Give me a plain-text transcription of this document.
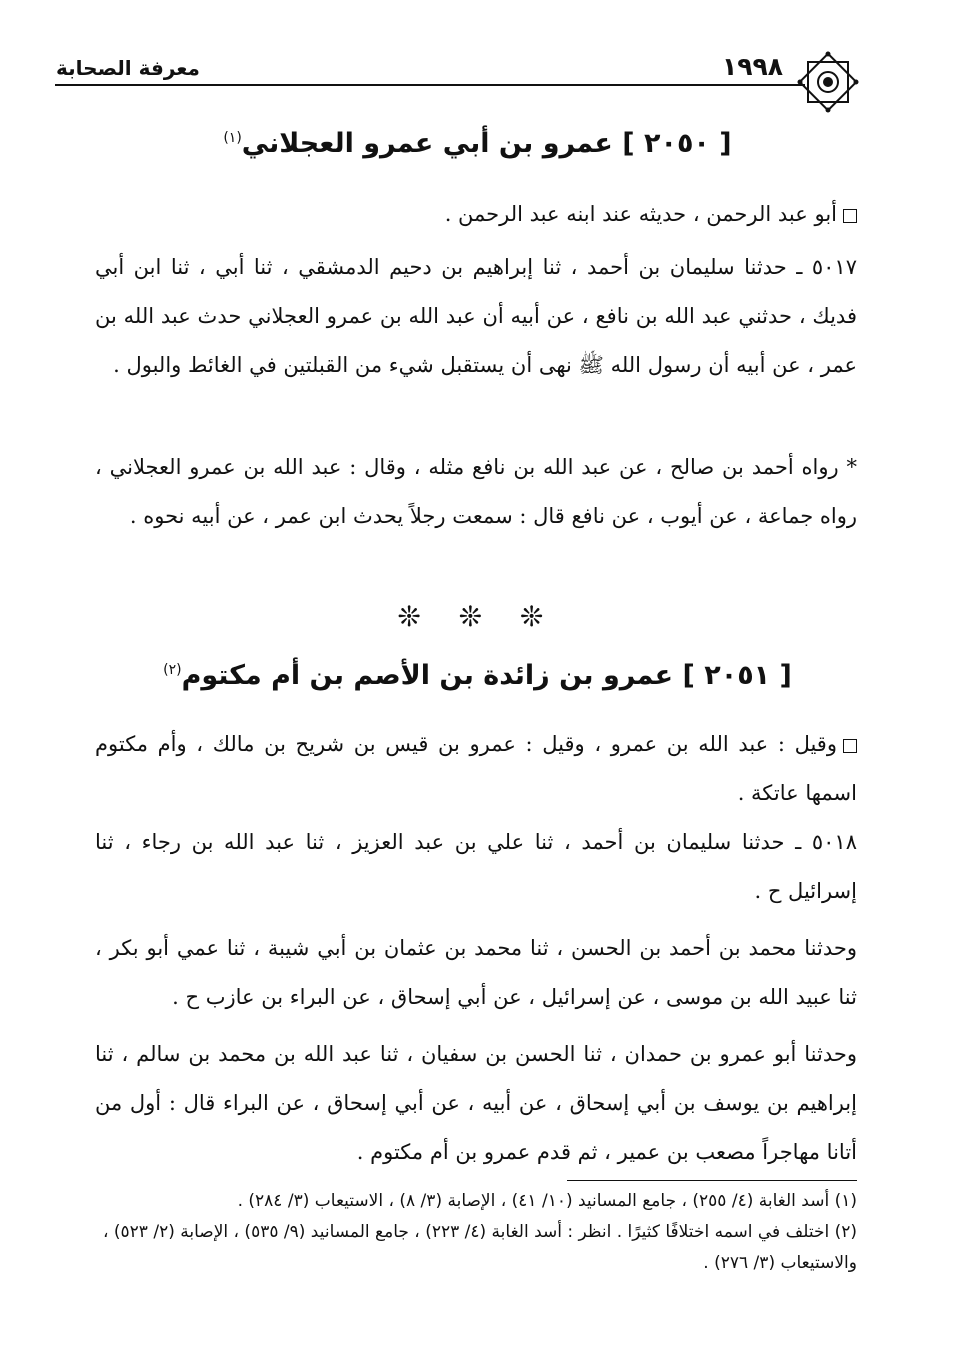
١٩٩٨
معرفة الصحابة
[ ٢٠٥٠ ] عمرو بن أبي عمرو العجلاني$^{(١)}$
أبو عبد الرحمن ، حديثه عند ابنه عبد الرحمن .
٥٠١٧ ـ حدثنا سليمان بن أحمد ، ثنا إبراهيم بن دحيم الدمشقي ، ثنا أبي ، ثنا ابن أبي فديك ، حدثني عبد الله بن نافع ، عن أبيه أن عبد الله بن عمرو العجلاني حدث عبد الله بن عمر ، عن أبيه أن رسول الله ﷺ نهى أن يستقبل شيء من القبلتين في الغائط والبول .
* رواه أحمد بن صالح ، عن عبد الله بن نافع مثله ، وقال : عبد الله بن عمرو العجلاني ، رواه جماعة ، عن أيوب ، عن نافع قال : سمعت رجلاً يحدث ابن عمر ، عن أبيه نحوه .
❊ ❊ ❊
[ ٢٠٥١ ] عمرو بن زائدة بن الأصم بن أم مكتوم$^{(٢)}$
وقيل : عبد الله بن عمرو ، وقيل : عمرو بن قيس بن شريح بن مالك ، وأم مكتوم اسمها عاتكة .
٥٠١٨ ـ حدثنا سليمان بن أحمد ، ثنا علي بن عبد العزيز ، ثنا عبد الله بن رجاء ، ثنا إسرائيل ح .
وحدثنا محمد بن أحمد بن الحسن ، ثنا محمد بن عثمان بن أبي شيبة ، ثنا عمي أبو بكر ، ثنا عبيد الله بن موسى ، عن إسرائيل ، عن أبي إسحاق ، عن البراء بن عازب ح .
وحدثنا أبو عمرو بن حمدان ، ثنا الحسن بن سفيان ، ثنا عبد الله بن محمد بن سالم ، ثنا إبراهيم بن يوسف بن أبي إسحاق ، عن أبيه ، عن أبي إسحاق ، عن البراء قال : أول من أتانا مهاجراً مصعب بن عمير ، ثم قدم عمرو بن أم مكتوم .

(١) أسد الغابة (٤/ ٢٥٥) ، جامع المسانيد (١٠/ ٤١) ، الإصابة (٣/ ٨) ، الاستيعاب (٣/ ٢٨٤) .

(٢) اختلف في اسمه اختلافًا كثيرًا . انظر : أسد الغابة (٤/ ٢٢٣) ، جامع المسانيد (٩/ ٥٣٥) ، الإصابة (٢/ ٥٢٣) ، والاستيعاب (٣/ ٢٧٦) .
